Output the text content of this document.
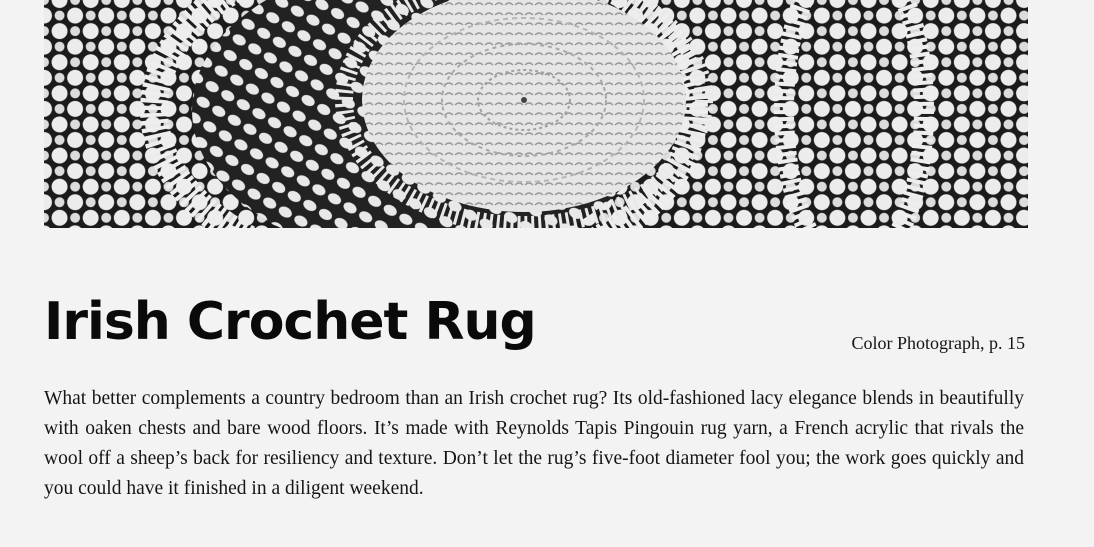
Irish Crochet Rug	Color Photograph, p. 15

What better complements a country bedroom than an Irish crochet rug? Its old-fashioned lacy elegance blends in beautifully with oaken chests and bare wood floors. It’s made with Reynolds Tapis Pingouin rug yarn, a French acrylic that rivals the wool off a sheep’s back for resiliency and texture. Don’t let the rug’s five-foot diameter fool you; the work goes quickly and you could have it finished in a diligent weekend.
